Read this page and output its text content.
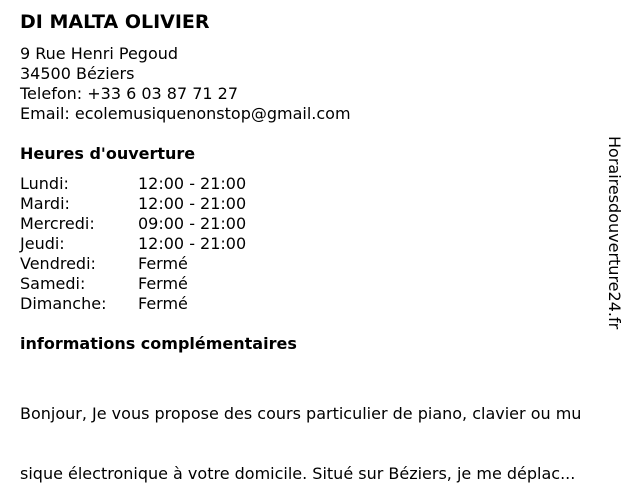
DI MALTA OLIVIER
9 Rue Henri Pegoud
34500 Béziers
Telefon: +33 6 03 87 71 27
Email: ecolemusiquenonstop@gmail.com
Heures d'ouverture
Lundi:	12:00 - 21:00
Mardi:	12:00 - 21:00
Mercredi:	09:00 - 21:00
Jeudi:	12:00 - 21:00
Vendredi:	Fermé
Samedi:	Fermé
Dimanche:	Fermé
informations complémentaires

Bonjour, Je vous propose des cours particulier de piano, clavier ou mu

sique électronique à votre domicile. Situé sur Béziers, je me déplac...

Horairesdouverture24.fr
